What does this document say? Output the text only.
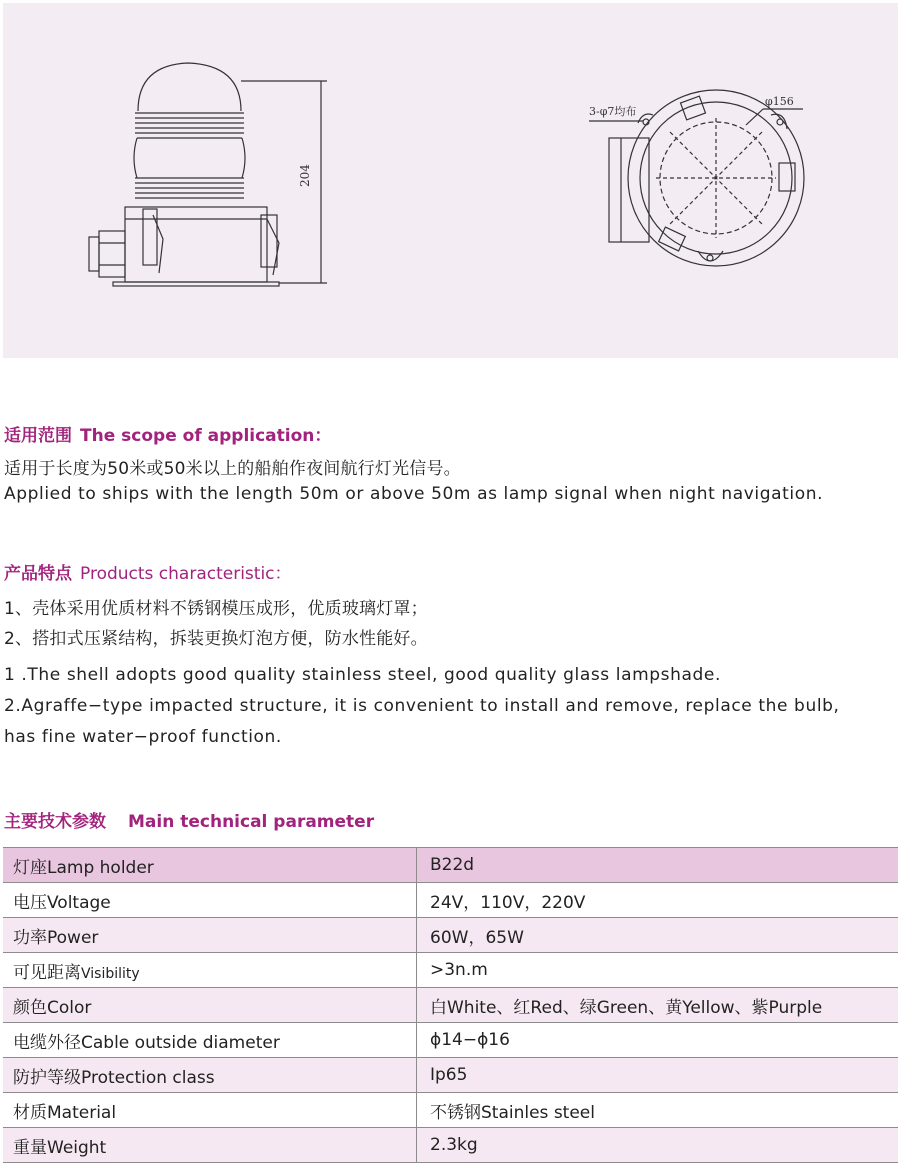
204
3-φ7均布
φ156
适用范围 The scope of application：
适用于长度为50米或50米以上的船舶作夜间航行灯光信号。
Applied to ships with the length 50m or above 50m as lamp signal when night navigation.
产品特点 Products characteristic：
1、壳体采用优质材料不锈钢模压成形，优质玻璃灯罩；
2、搭扣式压紧结构，拆装更换灯泡方便，防水性能好。
1 .The shell adopts good quality stainless steel, good quality glass lampshade.
2.Agraffe−type impacted structure, it is convenient to install and remove, replace the bulb,
has fine water−proof function.
主要技术参数 Main technical parameter
灯座Lamp holder	B22d
电压Voltage	24V，110V，220V
功率Power	60W，65W
可见距离Visibility	>3n.m
颜色Color	白White、红Red、绿Green、黄Yellow、紫Purple
电缆外径Cable outside diameter	ϕ14−ϕ16
防护等级Protection class	Ip65
材质Material	不锈钢Stainles steel
重量Weight	2.3kg
